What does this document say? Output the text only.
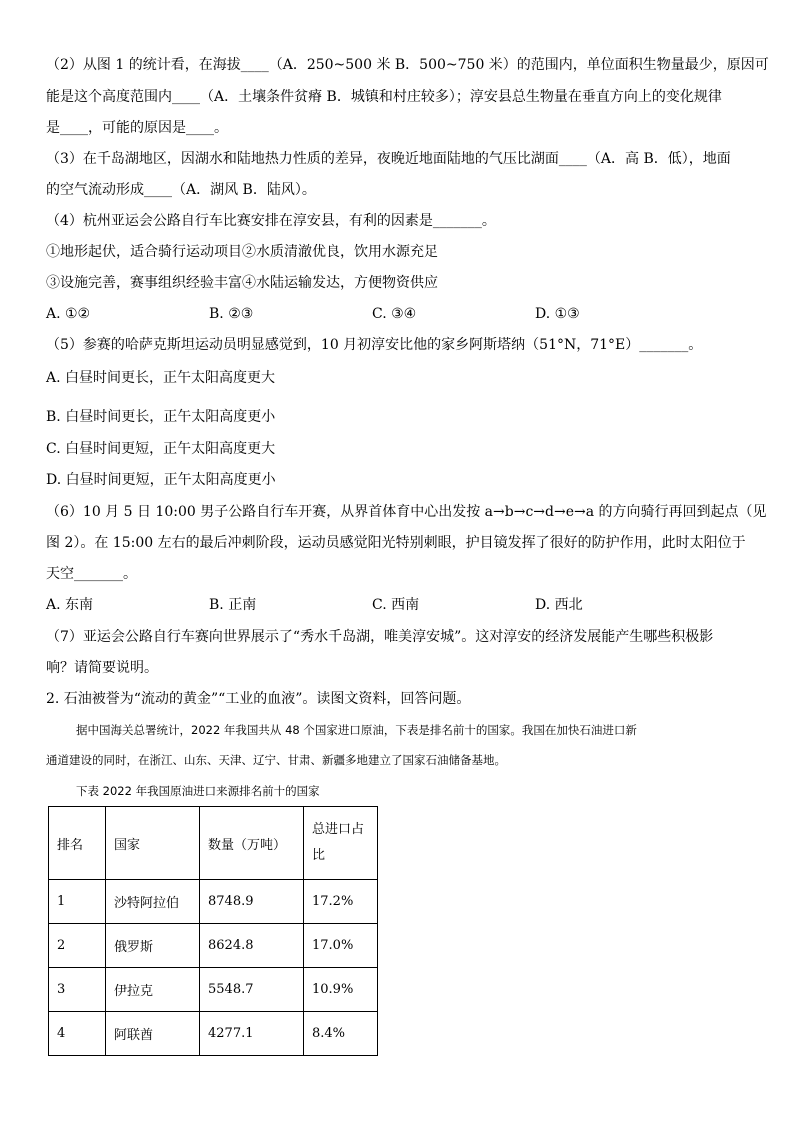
（2）从图 1 的统计看，在海拔____（A．250~500 米 B．500~750 米）的范围内，单位面积生物量最少，原因可
能是这个高度范围内____（A．土壤条件贫瘠 B．城镇和村庄较多）；淳安县总生物量在垂直方向上的变化规律
是____，可能的原因是____。
（3）在千岛湖地区，因湖水和陆地热力性质的差异，夜晚近地面陆地的气压比湖面____（A．高 B．低），地面
的空气流动形成____（A．湖风 B．陆风）。
（4）杭州亚运会公路自行车比赛安排在淳安县，有利的因素是_______。
①地形起伏，适合骑行运动项目②水质清澈优良，饮用水源充足
③设施完善，赛事组织经验丰富④水陆运输发达，方便物资供应
A. ①②	B. ②③	C. ③④	D. ①③
（5）参赛的哈萨克斯坦运动员明显感觉到，10 月初淳安比他的家乡阿斯塔纳（51°N，71°E）_______。
A. 白昼时间更长，正午太阳高度更大
B. 白昼时间更长，正午太阳高度更小
C. 白昼时间更短，正午太阳高度更大
D. 白昼时间更短，正午太阳高度更小
（6）10 月 5 日 10:00 男子公路自行车开赛，从界首体育中心出发按 a→b→c→d→e→a 的方向骑行再回到起点（见
图 2）。在 15:00 左右的最后冲刺阶段，运动员感觉阳光特别刺眼，护目镜发挥了很好的防护作用，此时太阳位于
天空_______。
A. 东南	B. 正南	C. 西南	D. 西北
（7）亚运会公路自行车赛向世界展示了“秀水千岛湖，唯美淳安城”。这对淳安的经济发展能产生哪些积极影
响？请简要说明。
2. 石油被誉为“流动的黄金”“工业的血液”。读图文资料，回答问题。
据中国海关总署统计，2022 年我国共从 48 个国家进口原油，下表是排名前十的国家。我国在加快石油进口新
通道建设的同时，在浙江、山东、天津、辽宁、甘肃、新疆多地建立了国家石油储备基地。
下表 2022 年我国原油进口来源排名前十的国家
排名	国家	数量（万吨）	总进口占比
1	沙特阿拉伯	8748.9	17.2%
2	俄罗斯	8624.8	17.0%
3	伊拉克	5548.7	10.9%
4	阿联酋	4277.1	8.4%
